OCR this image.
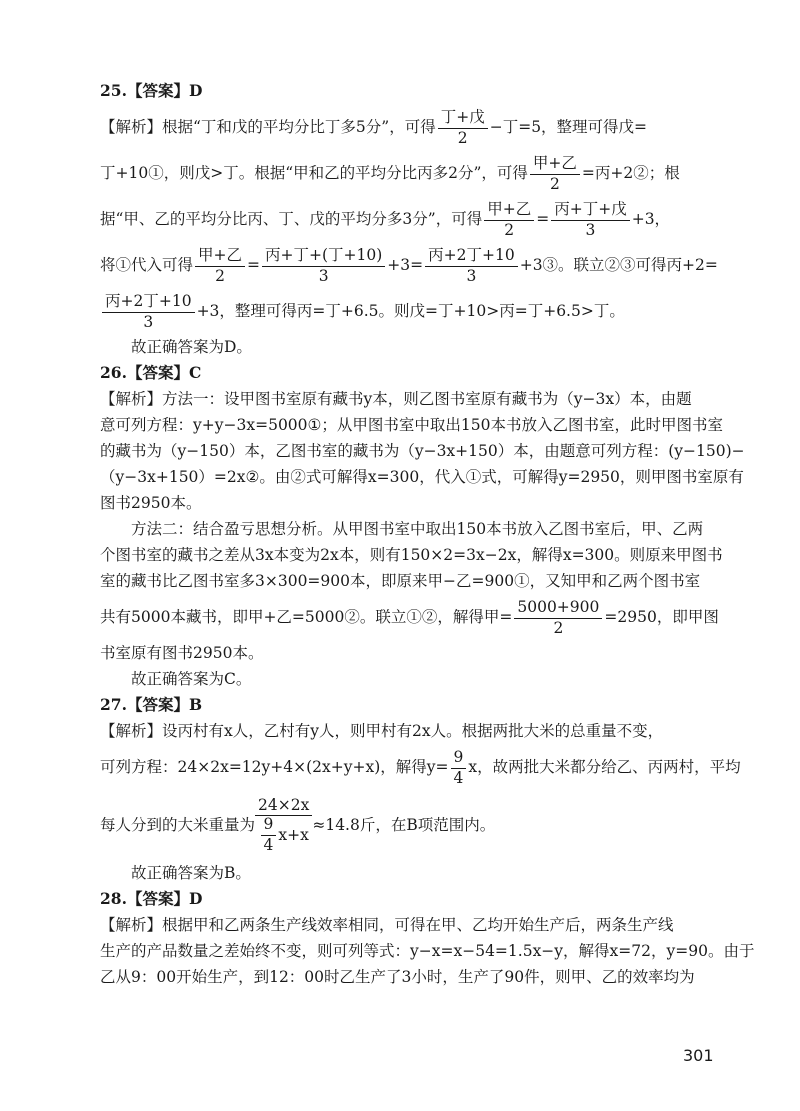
25.【答案】D
【解析】根据“丁和戊的平均分比丁多5分”，可得 $\frac{\text{丁+戊}}{2}$ −丁=5，整理可得戊=
丁+10①，则戊>丁。根据“甲和乙的平均分比丙多2分”，可得 $\frac{\text{甲+乙}}{2}$ =丙+2②；根
据“甲、乙的平均分比丙、丁、戊的平均分多3分”，可得 $\frac{\text{甲+乙}}{2} = \frac{\text{丙+丁+戊}}{3} +3$，
将①代入可得 $\frac{\text{甲+乙}}{2} = \frac{\text{丙+丁+(丁+10)}}{3} +3= \frac{\text{丙+2丁+10}}{3}$ +3③。联立②③可得丙+2=
$\frac{\text{丙+2丁+10}}{3} +3$，整理可得丙=丁+6.5。则戊=丁+10>丙=丁+6.5>丁。
故正确答案为D。
26.【答案】C
【解析】方法一：设甲图书室原有藏书y本，则乙图书室原有藏书为（y−3x）本，由题
意可列方程：y+y−3x=5000①；从甲图书室中取出150本书放入乙图书室，此时甲图书室
的藏书为（y−150）本，乙图书室的藏书为（y−3x+150）本，由题意可列方程：(y−150)−
（y−3x+150）=2x②。由②式可解得x=300，代入①式，可解得y=2950，则甲图书室原有
图书2950本。
方法二：结合盈亏思想分析。从甲图书室中取出150本书放入乙图书室后，甲、乙两
个图书室的藏书之差从3x本变为2x本，则有150×2=3x−2x，解得x=300。则原来甲图书
室的藏书比乙图书室多3×300=900本，即原来甲−乙=900①，又知甲和乙两个图书室
共有5000本藏书，即甲+乙=5000②。联立①②，解得甲= $\frac{5000+900}{2} =2950$，即甲图
书室原有图书2950本。
故正确答案为C。
27.【答案】B
【解析】设丙村有x人，乙村有y人，则甲村有2x人。根据两批大米的总重量不变，
可列方程：24×2x=12y+4×(2x+y+x)，解得$y= \frac{9}{4}$ x，故两批大米都分给乙、丙两村，平均
每人分到的大米重量为 $\frac{24\times 2x}{\frac{9}{4} x+x} \approx 14.8$斤，在B项范围内。
故正确答案为B。
28.【答案】D
【解析】根据甲和乙两条生产线效率相同，可得在甲、乙均开始生产后，两条生产线
生产的产品数量之差始终不变，则可列等式：y−x=x−54=1.5x−y，解得x=72，y=90。由于
乙从9：00开始生产，到12：00时乙生产了3小时，生产了90件，则甲、乙的效率均为
301
